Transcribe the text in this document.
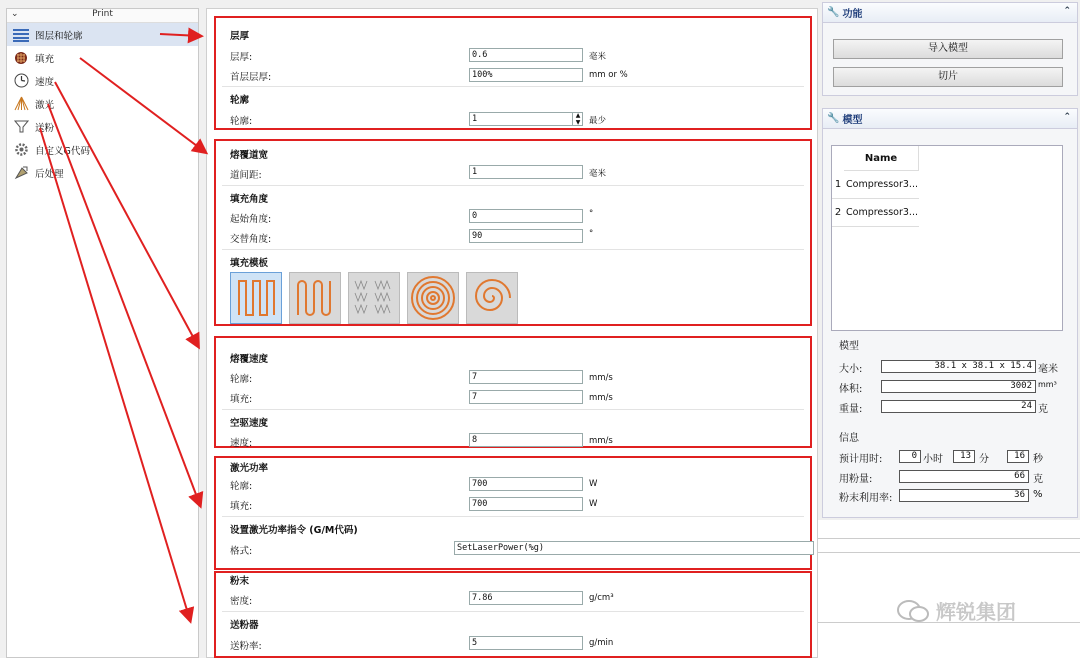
⌄	Print
图层和轮廓
填充
速度
激光
送粉
自定义G代码
后处理
层厚
层厚:	0.6	毫米
首层层厚:	100%	mm or %
轮廓
轮廓:	1	▲
▼	最少
熔覆道宽
道间距:	1	毫米
填充角度
起始角度:	0	°
交替角度:	90	°
填充模板
熔覆速度
轮廓:	7	mm/s
填充:	7	mm/s
空驱速度
速度:	8	mm/s
激光功率
轮廓:	700	W
填充:	700	W
设置激光功率指令 (G/M代码)
格式:	SetLaserPower(%g)
粉末
密度:	7.86	g/cm³
送粉器
送粉率:	5	g/min
🔧 功能	⌃
导入模型
切片
🔧 模型	⌃
Name
1 Compressor3...
2 Compressor3...
模型
大小:	38.1 x 38.1 x 15.4 毫米
体积:	3002 mm³
重量:	24 克
信息
预计用时:	0 小时	13 分	16 秒
用粉量:	66 克
粉末利用率:	36 %
辉锐集团
